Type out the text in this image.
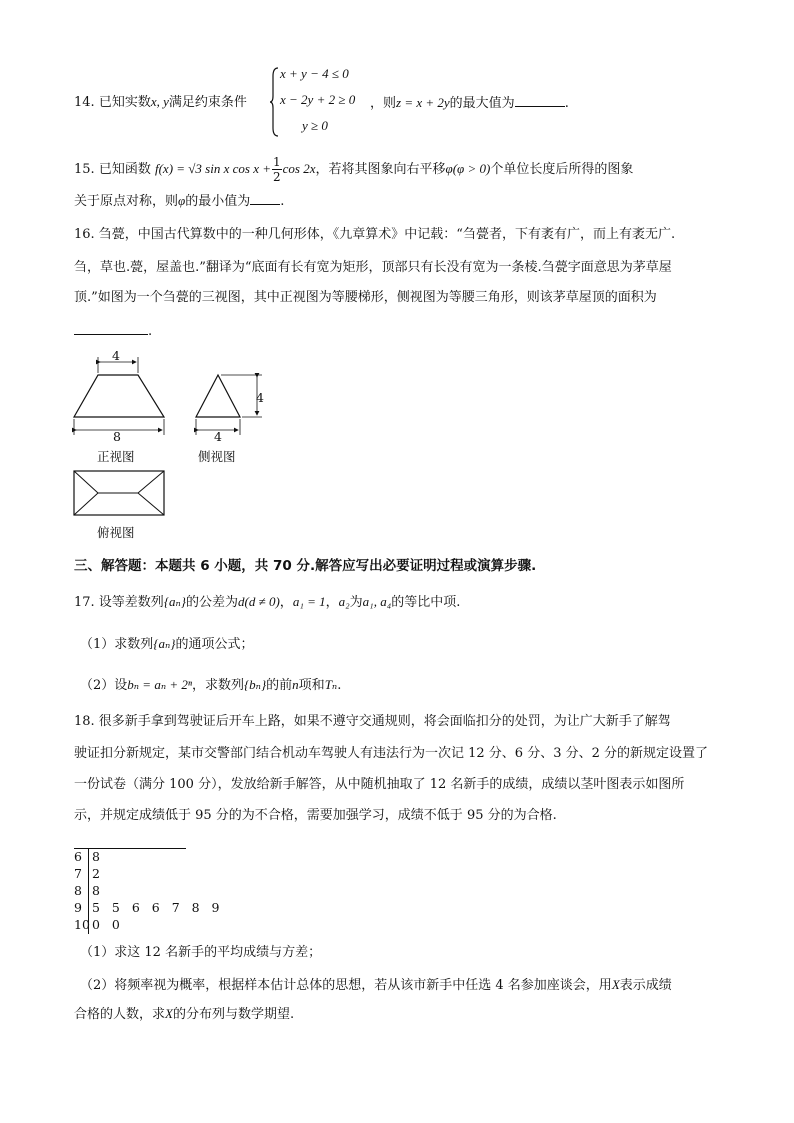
14. 已知实数x, y满足约束条件
x + y − 4 ≤ 0
x − 2y + 2 ≥ 0
y ≥ 0
，则z = x + 2y的最大值为	.
15. 已知函数 f(x) = √3 sin x $\cos x + \frac{1}{2}$ cos 2x，若将其图象向右平移φ(φ > 0)个单位长度后所得的图象
关于原点对称，则φ的最小值为 .
16. 刍甍，中国古代算数中的一种几何形体，《九章算术》中记载：“刍甍者，下有袤有广，而上有袤无广.
刍，草也.甍，屋盖也.”翻译为“底面有长有宽为矩形，顶部只有长没有宽为一条棱.刍甍字面意思为茅草屋
顶.”如图为一个刍甍的三视图，其中正视图为等腰梯形，侧视图为等腰三角形，则该茅草屋顶的面积为
.
4
8
4
4
正视图	侧视图
俯视图
三、解答题：本题共 6 小题，共 70 分.解答应写出必要证明过程或演算步骤.
17. 设等差数列{aₙ}的公差为d(d ≠ 0)，a₁ = 1，a₂为a₁, a₄的等比中项.
（1）求数列{aₙ}的通项公式；
（2）设bₙ = aₙ + 2ⁿ，求数列{bₙ}的前n项和Tₙ.
18. 很多新手拿到驾驶证后开车上路，如果不遵守交通规则，将会面临扣分的处罚，为让广大新手了解驾
驶证扣分新规定，某市交警部门结合机动车驾驶人有违法行为一次记 12 分、6 分、3 分、2 分的新规定设置了
一份试卷（满分 100 分），发放给新手解答，从中随机抽取了 12 名新手的成绩，成绩以茎叶图表示如图所
示，并规定成绩低于 95 分的为不合格，需要加强学习，成绩不低于 95 分的为合格.
6 8
7 2
8 8
9 5 5 6 6 7 8 9
10 0 0
（1）求这 12 名新手的平均成绩与方差；
（2）将频率视为概率，根据样本估计总体的思想，若从该市新手中任选 4 名参加座谈会，用X表示成绩
合格的人数，求X的分布列与数学期望.
